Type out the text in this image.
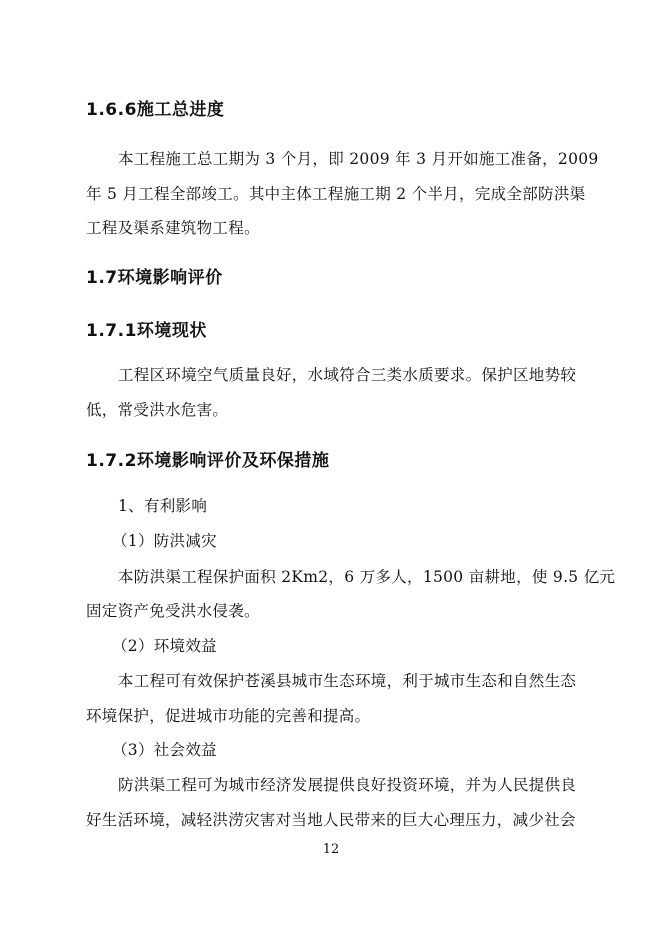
1.6.6施工总进度
本工程施工总工期为 3 个月，即 2009 年 3 月开如施工准备，2009
年 5 月工程全部竣工。其中主体工程施工期 2 个半月，完成全部防洪渠
工程及渠系建筑物工程。
1.7环境影响评价
1.7.1环境现状
工程区环境空气质量良好，水域符合三类水质要求。保护区地势较
低，常受洪水危害。
1.7.2环境影响评价及环保措施
1、有利影响
（1）防洪减灾
本防洪渠工程保护面积 2Km2，6 万多人，1500 亩耕地，使 9.5 亿元
固定资产免受洪水侵袭。
（2）环境效益
本工程可有效保护苍溪县城市生态环境，利于城市生态和自然生态
环境保护，促进城市功能的完善和提高。
（3）社会效益
防洪渠工程可为城市经济发展提供良好投资环境，并为人民提供良
好生活环境，减轻洪涝灾害对当地人民带来的巨大心理压力，减少社会
12
